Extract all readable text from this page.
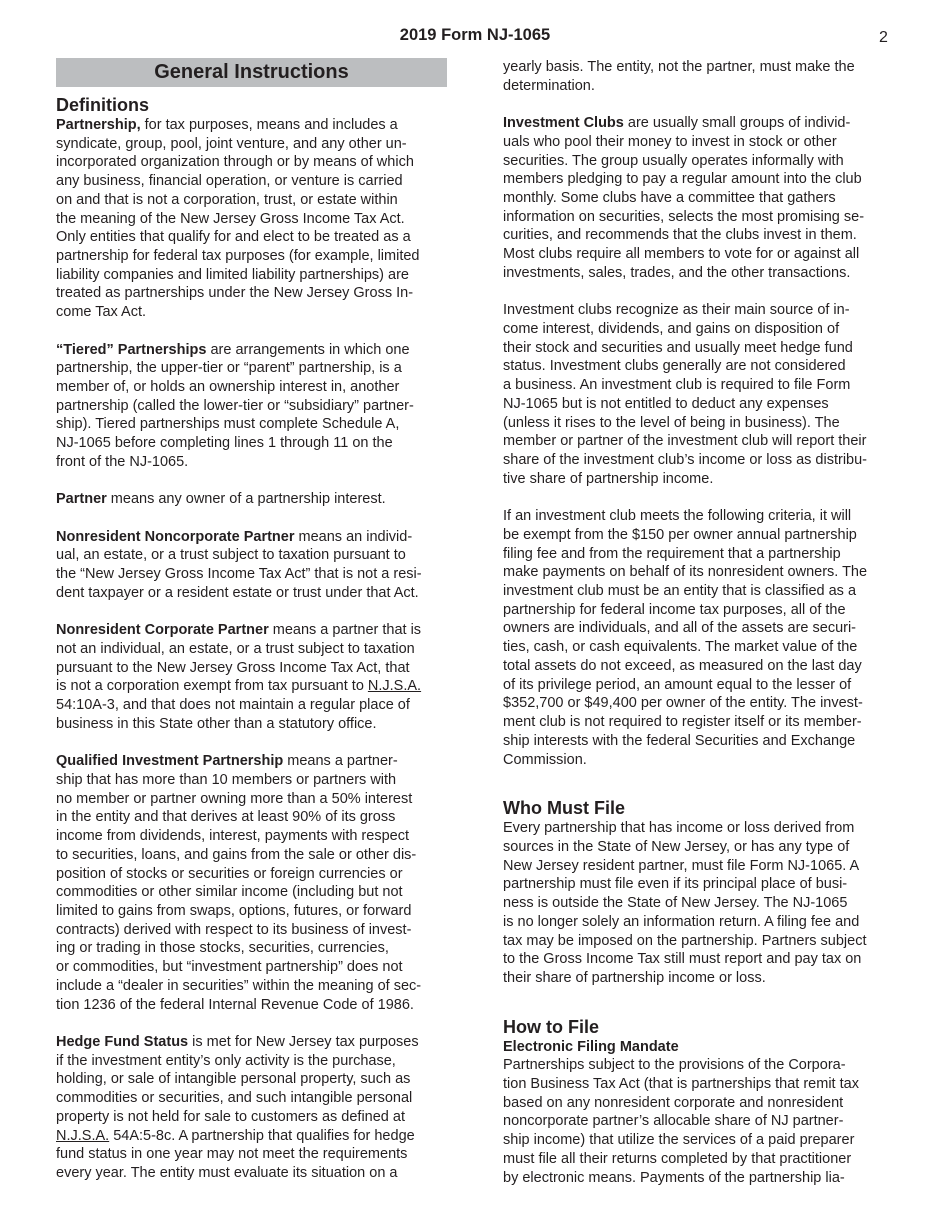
2019 Form NJ-1065	2
General Instructions
Definitions

Partnership, for tax purposes, means and includes a
syndicate, group, pool, joint venture, and any other un-
incorporated organization through or by means of which
any business, financial operation, or venture is carried
on and that is not a corporation, trust, or estate within
the meaning of the New Jersey Gross Income Tax Act.
Only entities that qualify for and elect to be treated as a
partnership for federal tax purposes (for example, limited
liability companies and limited liability partnerships) are
treated as partnerships under the New Jersey Gross In-
come Tax Act.

“Tiered” Partnerships are arrangements in which one
partnership, the upper-tier or “parent” partnership, is a
member of, or holds an ownership interest in, another
partnership (called the lower-tier or “subsidiary” partner-
ship). Tiered partnerships must complete Schedule A,
NJ-1065 before completing lines 1 through 11 on the
front of the NJ-1065.

Partner means any owner of a partnership interest.

Nonresident Noncorporate Partner means an individ-
ual, an estate, or a trust subject to taxation pursuant to
the “New Jersey Gross Income Tax Act” that is not a resi-
dent taxpayer or a resident estate or trust under that Act.

Nonresident Corporate Partner means a partner that is
not an individual, an estate, or a trust subject to taxation
pursuant to the New Jersey Gross Income Tax Act, that
is not a corporation exempt from tax pursuant to N.J.S.A.
54:10A-3, and that does not maintain a regular place of
business in this State other than a statutory office.

Qualified Investment Partnership means a partner-
ship that has more than 10 members or partners with
no member or partner owning more than a 50% interest
in the entity and that derives at least 90% of its gross
income from dividends, interest, payments with respect
to securities, loans, and gains from the sale or other dis-
position of stocks or securities or foreign currencies or
commodities or other similar income (including but not
limited to gains from swaps, options, futures, or forward
contracts) derived with respect to its business of invest-
ing or trading in those stocks, securities, currencies,
or commodities, but “investment partnership” does not
include a “dealer in securities” within the meaning of sec-
tion 1236 of the federal Internal Revenue Code of 1986.

Hedge Fund Status is met for New Jersey tax purposes
if the investment entity’s only activity is the purchase,
holding, or sale of intangible personal property, such as
commodities or securities, and such intangible personal
property is not held for sale to customers as defined at
N.J.S.A. 54A:5-8c. A partnership that qualifies for hedge
fund status in one year may not meet the requirements
every year. The entity must evaluate its situation on a

yearly basis. The entity, not the partner, must make the
determination.

Investment Clubs are usually small groups of individ-
uals who pool their money to invest in stock or other
securities. The group usually operates informally with
members pledging to pay a regular amount into the club
monthly. Some clubs have a committee that gathers
information on securities, selects the most promising se-
curities, and recommends that the clubs invest in them.
Most clubs require all members to vote for or against all
investments, sales, trades, and the other transactions.

Investment clubs recognize as their main source of in-
come interest, dividends, and gains on disposition of
their stock and securities and usually meet hedge fund
status. Investment clubs generally are not considered
a business. An investment club is required to file Form
NJ-1065 but is not entitled to deduct any expenses
(unless it rises to the level of being in business). The
member or partner of the investment club will report their
share of the investment club’s income or loss as distribu-
tive share of partnership income.

If an investment club meets the following criteria, it will
be exempt from the $150 per owner annual partnership
filing fee and from the requirement that a partnership
make payments on behalf of its nonresident owners. The
investment club must be an entity that is classified as a
partnership for federal income tax purposes, all of the
owners are individuals, and all of the assets are securi-
ties, cash, or cash equivalents. The market value of the
total assets do not exceed, as measured on the last day
of its privilege period, an amount equal to the lesser of
$352,700 or $49,400 per owner of the entity. The invest-
ment club is not required to register itself or its member-
ship interests with the federal Securities and Exchange
Commission.

Who Must File

Every partnership that has income or loss derived from
sources in the State of New Jersey, or has any type of
New Jersey resident partner, must file Form NJ-1065. A
partnership must file even if its principal place of busi-
ness is outside the State of New Jersey. The NJ-1065
is no longer solely an information return. A filing fee and
tax may be imposed on the partnership. Partners subject
to the Gross Income Tax still must report and pay tax on
their share of partnership income or loss.

How to File
Electronic Filing Mandate

Partnerships subject to the provisions of the Corpora-
tion Business Tax Act (that is partnerships that remit tax
based on any nonresident corporate and nonresident
noncorporate partner’s allocable share of NJ partner-
ship income) that utilize the services of a paid preparer
must file all their returns completed by that practitioner
by electronic means. Payments of the partnership lia-
